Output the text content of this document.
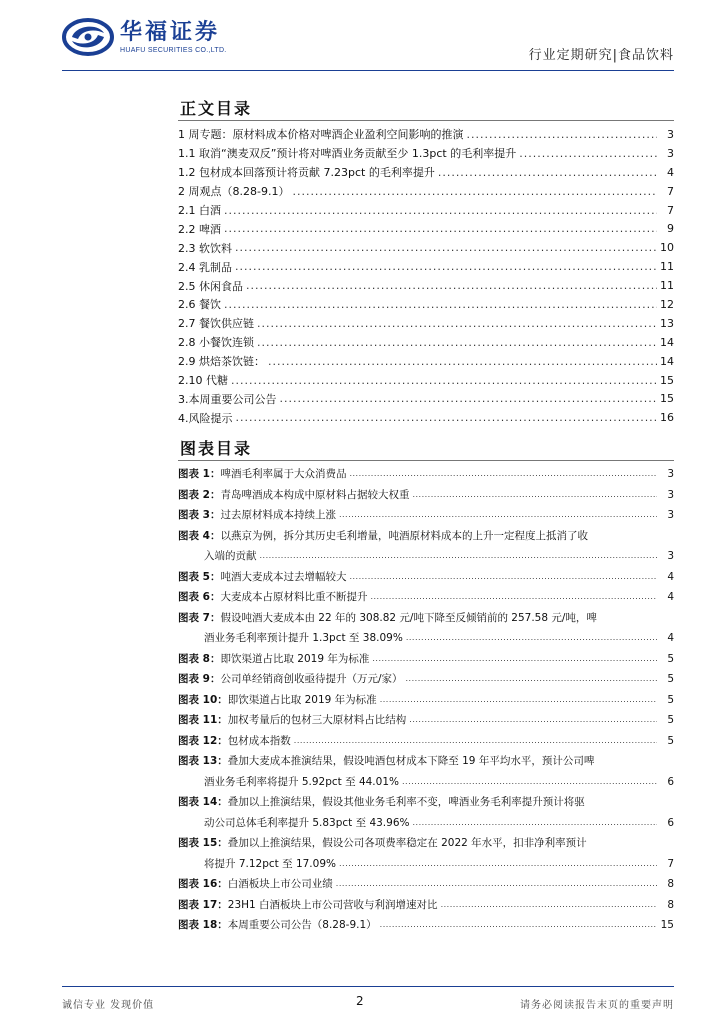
华福证券
HUAFU SECURITIES CO.,LTD.	行业定期研究|食品饮料
正文目录
1 周专题：原材料成本价格对啤酒企业盈利空间影响的推演 .....	3
1.1 取消“澳麦双反”预计将对啤酒业务贡献至少 1.3pct 的毛利率提升 .....	3
1.2 包材成本回落预计将贡献 7.23pct 的毛利率提升 .....	4
2 周观点（8.28-9.1） .....	7
2.1 白酒 .....	7
2.2 啤酒 .....	9
2.3 软饮料 .....	10
2.4 乳制品 .....	11
2.5 休闲食品 .....	11
2.6 餐饮 .....	12
2.7 餐饮供应链 .....	13
2.8 小餐饮连锁 .....	14
2.9 烘焙茶饮链： .....	14
2.10 代糖 .....	15
3.本周重要公司公告 .....	15
4.风险提示 .....	16
图表目录
图表 1： 啤酒毛利率属于大众消费品 .....	3
图表 2： 青岛啤酒成本构成中原材料占据较大权重 .....	3
图表 3： 过去原材料成本持续上涨 .....	3
图表 4： 以燕京为例，拆分其历史毛利增量，吨酒原材料成本的上升一定程度上抵消了收
入端的贡献 .....	3
图表 5： 吨酒大麦成本过去增幅较大 .....	4
图表 6： 大麦成本占原材料比重不断提升 .....	4
图表 7： 假设吨酒大麦成本由 22 年的 308.82 元/吨下降至反倾销前的 257.58 元/吨，啤
酒业务毛利率预计提升 1.3pct 至 38.09% .....	4
图表 8： 即饮渠道占比取 2019 年为标准 .....	5
图表 9： 公司单经销商创收亟待提升（万元/家） .....	5
图表 10： 即饮渠道占比取 2019 年为标准 .....	5
图表 11： 加权考量后的包材三大原材料占比结构 .....	5
图表 12： 包材成本指数 .....	5
图表 13： 叠加大麦成本推演结果，假设吨酒包材成本下降至 19 年平均水平，预计公司啤
酒业务毛利率将提升 5.92pct 至 44.01% .....	6
图表 14： 叠加以上推演结果，假设其他业务毛利率不变，啤酒业务毛利率提升预计将驱
动公司总体毛利率提升 5.83pct 至 43.96% .....	6
图表 15： 叠加以上推演结果，假设公司各项费率稳定在 2022 年水平，扣非净利率预计
将提升 7.12pct 至 17.09% .....	7
图表 16： 白酒板块上市公司业绩 .....	8
图表 17： 23H1 白酒板块上市公司营收与利润增速对比 .....	8
图表 18： 本周重要公司公告（8.28-9.1） .....	15
诚信专业 发现价值	2	请务必阅读报告末页的重要声明
